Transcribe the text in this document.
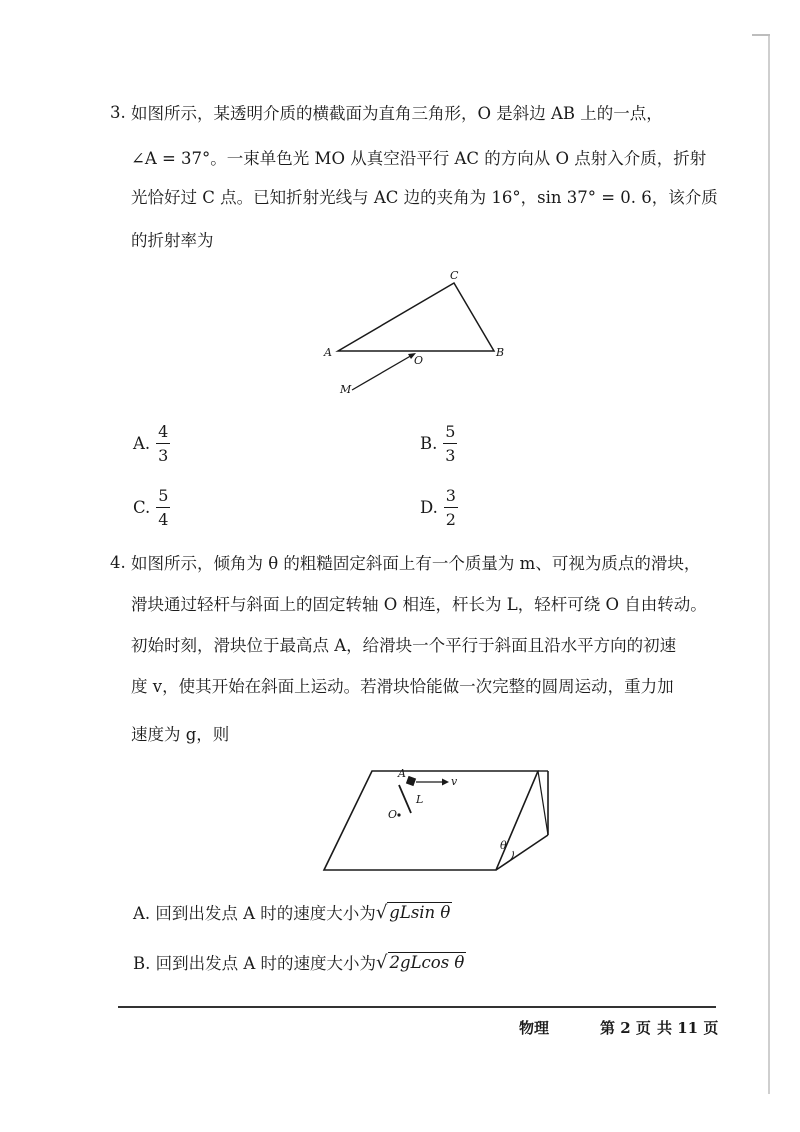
3. 如图所示，某透明介质的横截面为直角三角形，O 是斜边 AB 上的一点，
∠A = 37°。一束单色光 MO 从真空沿平行 AC 的方向从 O 点射入介质，折射
光恰好过 C 点。已知折射光线与 AC 边的夹角为 16°，sin 37° = 0. 6，该介质
的折射率为
C
A	B
O
M
A. $\frac{4}{3}$	B. $\frac{5}{3}$
C. $\frac{5}{4}$	D. $\frac{3}{2}$
4. 如图所示，倾角为 θ 的粗糙固定斜面上有一个质量为 m、可视为质点的滑块，
滑块通过轻杆与斜面上的固定转轴 O 相连，杆长为 L，轻杆可绕 O 自由转动。
初始时刻，滑块位于最高点 A，给滑块一个平行于斜面且沿水平方向的初速
度 v，使其开始在斜面上运动。若滑块恰能做一次完整的圆周运动，重力加
速度为 g，则
θ
A
v
L
O
A. 回到出发点 A 时的速度大小为 √ gLsin θ
B. 回到出发点 A 时的速度大小为 √ 2gLcos θ
物理	第 2 页 共 11 页
